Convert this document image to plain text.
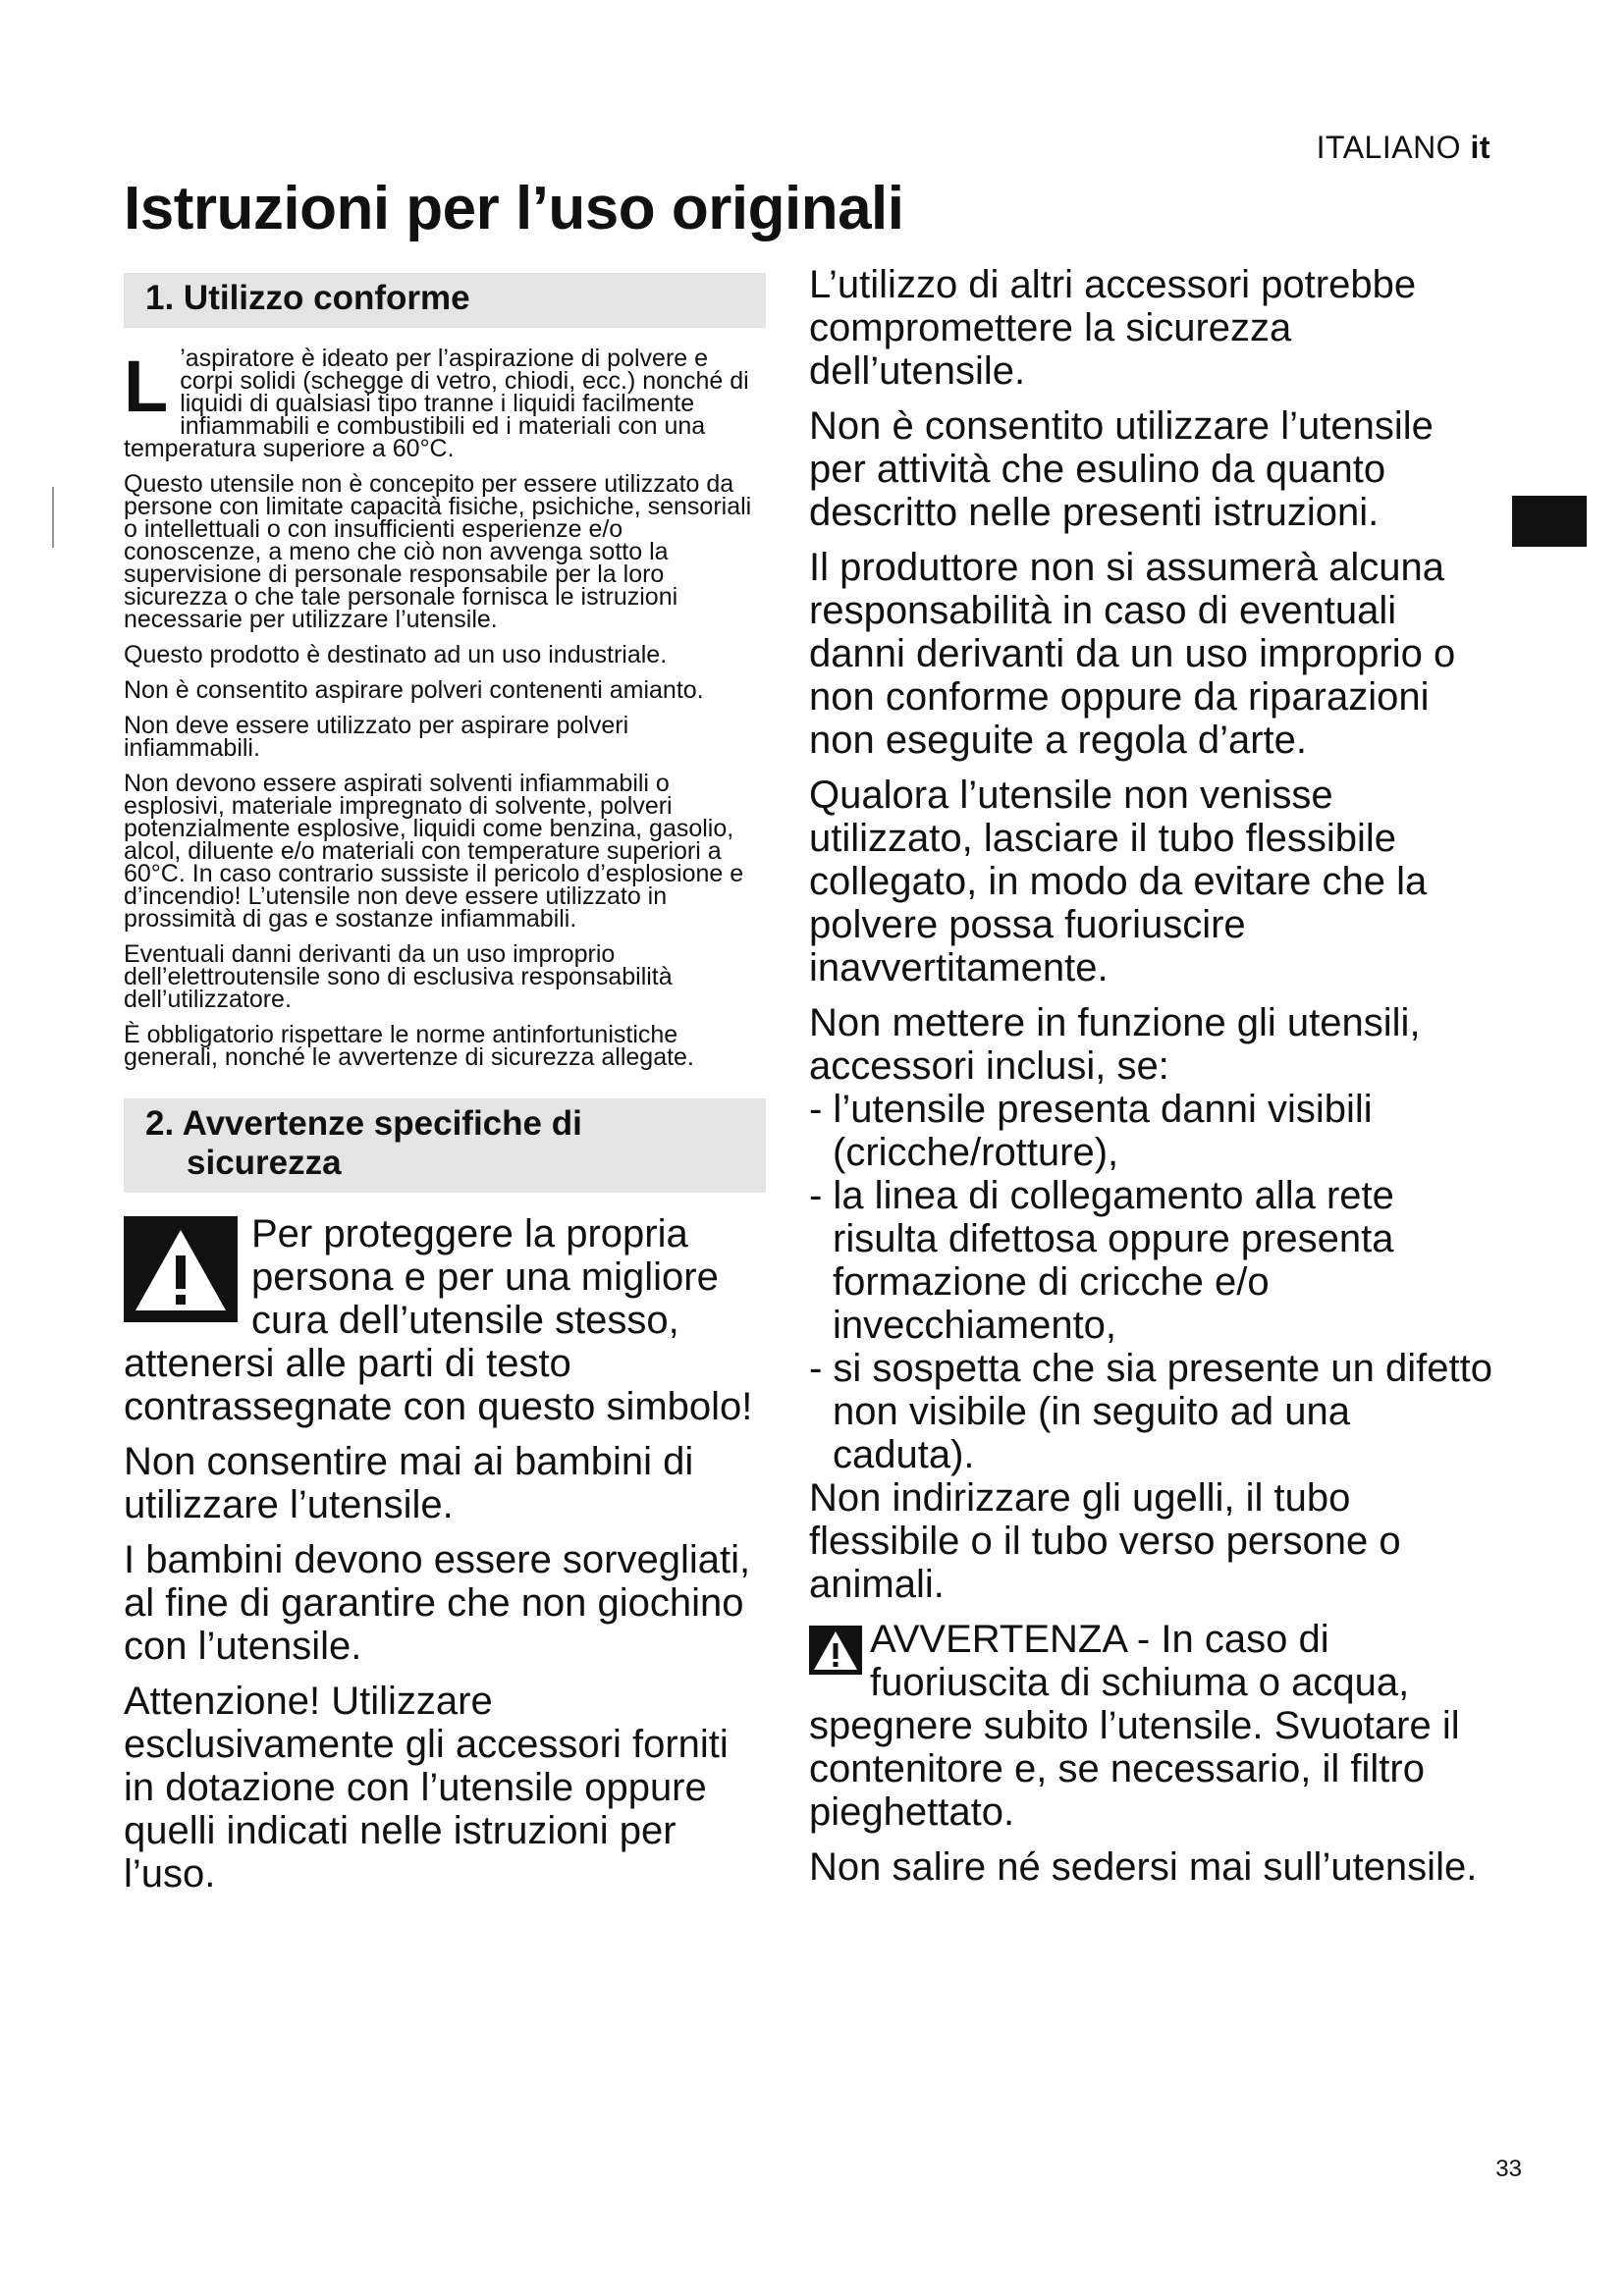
ITALIANO it
Istruzioni per l’uso originali
1. Utilizzo conforme

L ’aspiratore è ideato per l’aspirazione di polvere e corpi solidi (schegge di vetro, chiodi, ecc.) nonché di liquidi di qualsiasi tipo tranne i liquidi facilmente infiammabili e combustibili ed i materiali con una temperatura superiore a 60°C.

Questo utensile non è concepito per essere utilizzato da persone con limitate capacità fisiche, psichiche, sensoriali o intellettuali o con insufficienti esperienze e/o conoscenze, a meno che ciò non avvenga sotto la supervisione di personale responsabile per la loro sicurezza o che tale personale fornisca le istruzioni necessarie per utilizzare l’utensile.

Questo prodotto è destinato ad un uso industriale.

Non è consentito aspirare polveri contenenti amianto.

Non deve essere utilizzato per aspirare polveri infiammabili.

Non devono essere aspirati solventi infiammabili o esplosivi, materiale impregnato di solvente, polveri potenzialmente esplosive, liquidi come benzina, gasolio, alcol, diluente e/o materiali con temperature superiori a 60°C. In caso contrario sussiste il pericolo d’esplosione e d’incendio! L’utensile non deve essere utilizzato in prossimità di gas e sostanze infiammabili.

Eventuali danni derivanti da un uso improprio dell’elettroutensile sono di esclusiva responsabilità dell’utilizzatore.

È obbligatorio rispettare le norme antinfortunistiche generali, nonché le avvertenze di sicurezza allegate.

2. Avvertenze specifiche di
sicurezza

Per proteggere la propria persona e per una migliore cura dell’utensile stesso, attenersi alle parti di testo contrassegnate con questo simbolo!

Non consentire mai ai bambini di utilizzare l’utensile.

I bambini devono essere sorvegliati, al fine di garantire che non giochino con l’utensile.

Attenzione! Utilizzare esclusivamente gli accessori forniti in dotazione con l’utensile oppure quelli indicati nelle istruzioni per l’uso.

L’utilizzo di altri accessori potrebbe compromettere la sicurezza dell’utensile.

Non è consentito utilizzare l’utensile per attività che esulino da quanto descritto nelle presenti istruzioni.

Il produttore non si assumerà alcuna responsabilità in caso di eventuali danni derivanti da un uso improprio o non conforme oppure da riparazioni non eseguite a regola d’arte.

Qualora l’utensile non venisse utilizzato, lasciare il tubo flessibile collegato, in modo da evitare che la polvere possa fuoriuscire inavvertitamente.

Non mettere in funzione gli utensili, accessori inclusi, se:

- l’utensile presenta danni visibili (cricche/rotture),
- la linea di collegamento alla rete risulta difettosa oppure presenta formazione di cricche e/o invecchiamento,
- si sospetta che sia presente un difetto non visibile (in seguito ad una caduta).

Non indirizzare gli ugelli, il tubo flessibile o il tubo verso persone o animali.

AVVERTENZA - In caso di fuoriuscita di schiuma o acqua, spegnere subito l’utensile. Svuotare il contenitore e, se necessario, il filtro pieghettato.

Non salire né sedersi mai sull’utensile.

33
